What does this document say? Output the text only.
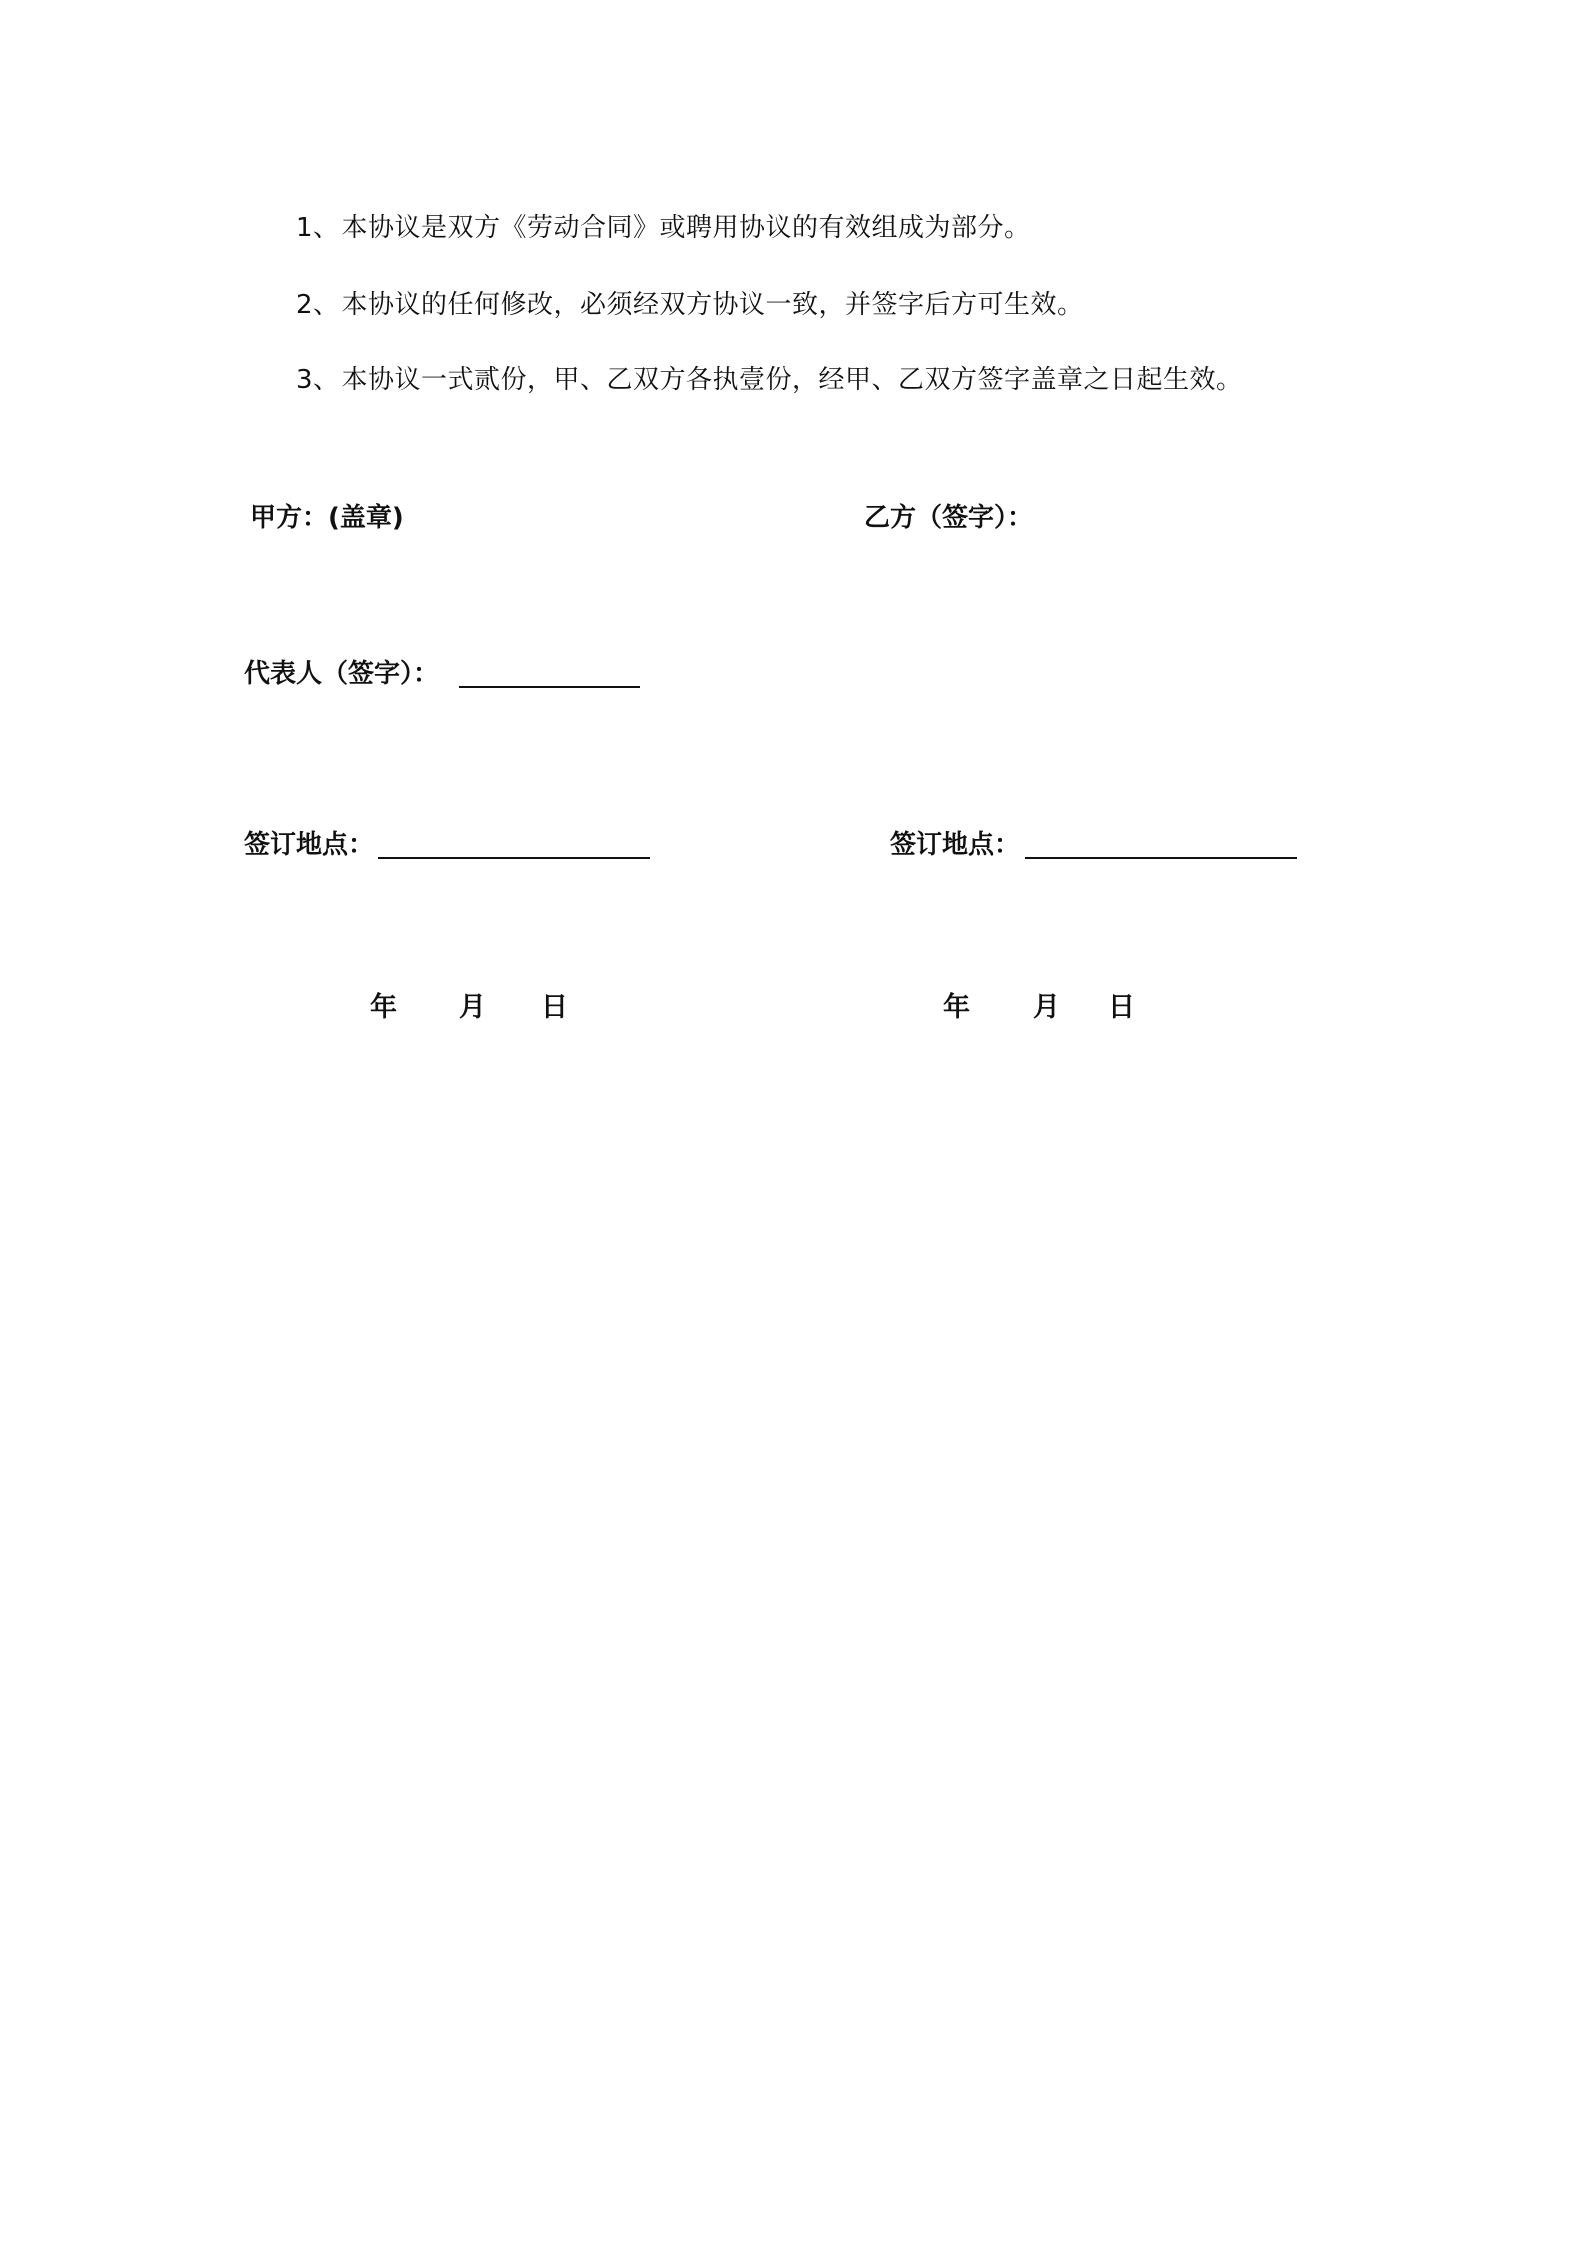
1、本协议是双方《劳动合同》或聘用协议的有效组成为部分。
2、本协议的任何修改，必须经双方协议一致，并签字后方可生效。
3、本协议一式贰份，甲、乙双方各执壹份，经甲、乙双方签字盖章之日起生效。
甲方：(盖章)	乙方（签字）：
代表人（签字）：
签订地点：	签订地点：
年 月 日	年 月 日
